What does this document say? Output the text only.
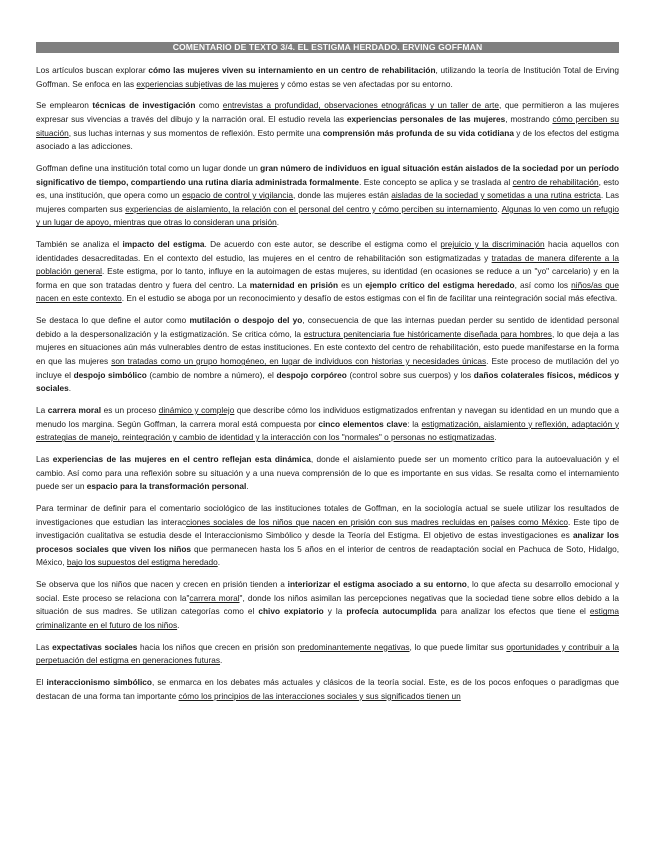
COMENTARIO DE TEXTO 3/4. EL ESTIGMA HERDADO. ERVING GOFFMAN

Los artículos buscan explorar cómo las mujeres viven su internamiento en un centro de rehabilitación, utilizando la teoría de Institución Total de Erving Goffman. Se enfoca en las experiencias subjetivas de las mujeres y cómo estas se ven afectadas por su entorno.

Se emplearon técnicas de investigación como entrevistas a profundidad, observaciones etnográficas y un taller de arte, que permitieron a las mujeres expresar sus vivencias a través del dibujo y la narración oral. El estudio revela las experiencias personales de las mujeres, mostrando cómo perciben su situación, sus luchas internas y sus momentos de reflexión. Esto permite una comprensión más profunda de su vida cotidiana y de los efectos del estigma asociado a las adicciones.

Goffman define una institución total como un lugar donde un gran número de individuos en igual situación están aislados de la sociedad por un período significativo de tiempo, compartiendo una rutina diaria administrada formalmente. Este concepto se aplica y se traslada al centro de rehabilitación, esto es, una institución, que opera como un espacio de control y vigilancia, donde las mujeres están aisladas de la sociedad y sometidas a una rutina estricta. Las mujeres comparten sus experiencias de aislamiento, la relación con el personal del centro y cómo perciben su internamiento. Algunas lo ven como un refugio y un lugar de apoyo, mientras que otras lo consideran una prisión.

También se analiza el impacto del estigma. De acuerdo con este autor, se describe el estigma como el prejuicio y la discriminación hacia aquellos con identidades desacreditadas. En el contexto del estudio, las mujeres en el centro de rehabilitación son estigmatizadas y tratadas de manera diferente a la población general. Este estigma, por lo tanto, influye en la autoimagen de estas mujeres, su identidad (en ocasiones se reduce a un "yo" carcelario) y en la forma en que son tratadas dentro y fuera del centro. La maternidad en prisión es un ejemplo crítico del estigma heredado, así como los niños/as que nacen en este contexto. En el estudio se aboga por un reconocimiento y desafío de estos estigmas con el fin de facilitar una reintegración social más efectiva.

Se destaca lo que define el autor como mutilación o despojo del yo, consecuencia de que las internas puedan perder su sentido de identidad personal debido a la despersonalización y la estigmatización. Se critica cómo, la estructura penitenciaria fue históricamente diseñada para hombres, lo que deja a las mujeres en situaciones aún más vulnerables dentro de estas instituciones. En este contexto del centro de rehabilitación, esto puede manifestarse en la forma en que las mujeres son tratadas como un grupo homogéneo, en lugar de individuos con historias y necesidades únicas. Este proceso de mutilación del yo incluye el despojo simbólico (cambio de nombre a número), el despojo corpóreo (control sobre sus cuerpos) y los daños colaterales físicos, médicos y sociales.

La carrera moral es un proceso dinámico y complejo que describe cómo los individuos estigmatizados enfrentan y navegan su identidad en un mundo que a menudo los margina. Según Goffman, la carrera moral está compuesta por cinco elementos clave: la estigmatización, aislamiento y reflexión, adaptación y estrategias de manejo, reintegración y cambio de identidad y la interacción con los "normales" o personas no estigmatizadas.

Las experiencias de las mujeres en el centro reflejan esta dinámica, donde el aislamiento puede ser un momento crítico para la autoevaluación y el cambio. Así como para una reflexión sobre su situación y a una nueva comprensión de lo que es importante en sus vidas. Se resalta como el internamiento puede ser un espacio para la transformación personal.

Para terminar de definir para el comentario sociológico de las instituciones totales de Goffman, en la sociología actual se suele utilizar los resultados de investigaciones que estudian las interacciones sociales de los niños que nacen en prisión con sus madres recluidas en países como México. Este tipo de investigación cualitativa se estudia desde el Interaccionismo Simbólico y desde la Teoría del Estigma. El objetivo de estas investigaciones es analizar los procesos sociales que viven los niños que permanecen hasta los 5 años en el interior de centros de readaptación social en Pachuca de Soto, Hidalgo, México, bajo los supuestos del estigma heredado.

Se observa que los niños que nacen y crecen en prisión tienden a interiorizar el estigma asociado a su entorno, lo que afecta su desarrollo emocional y social. Este proceso se relaciona con la"carrera moral", donde los niños asimilan las percepciones negativas que la sociedad tiene sobre ellos debido a la situación de sus madres. Se utilizan categorías como el chivo expiatorio y la profecía autocumplida para analizar los efectos que tiene el estigma criminalizante en el futuro de los niños.

Las expectativas sociales hacia los niños que crecen en prisión son predominantemente negativas, lo que puede limitar sus oportunidades y contribuir a la perpetuación del estigma en generaciones futuras.

El interaccionismo simbólico, se enmarca en los debates más actuales y clásicos de la teoría social. Este, es de los pocos enfoques o paradigmas que destacan de una forma tan importante cómo los principios de las interacciones sociales y sus significados tienen un
